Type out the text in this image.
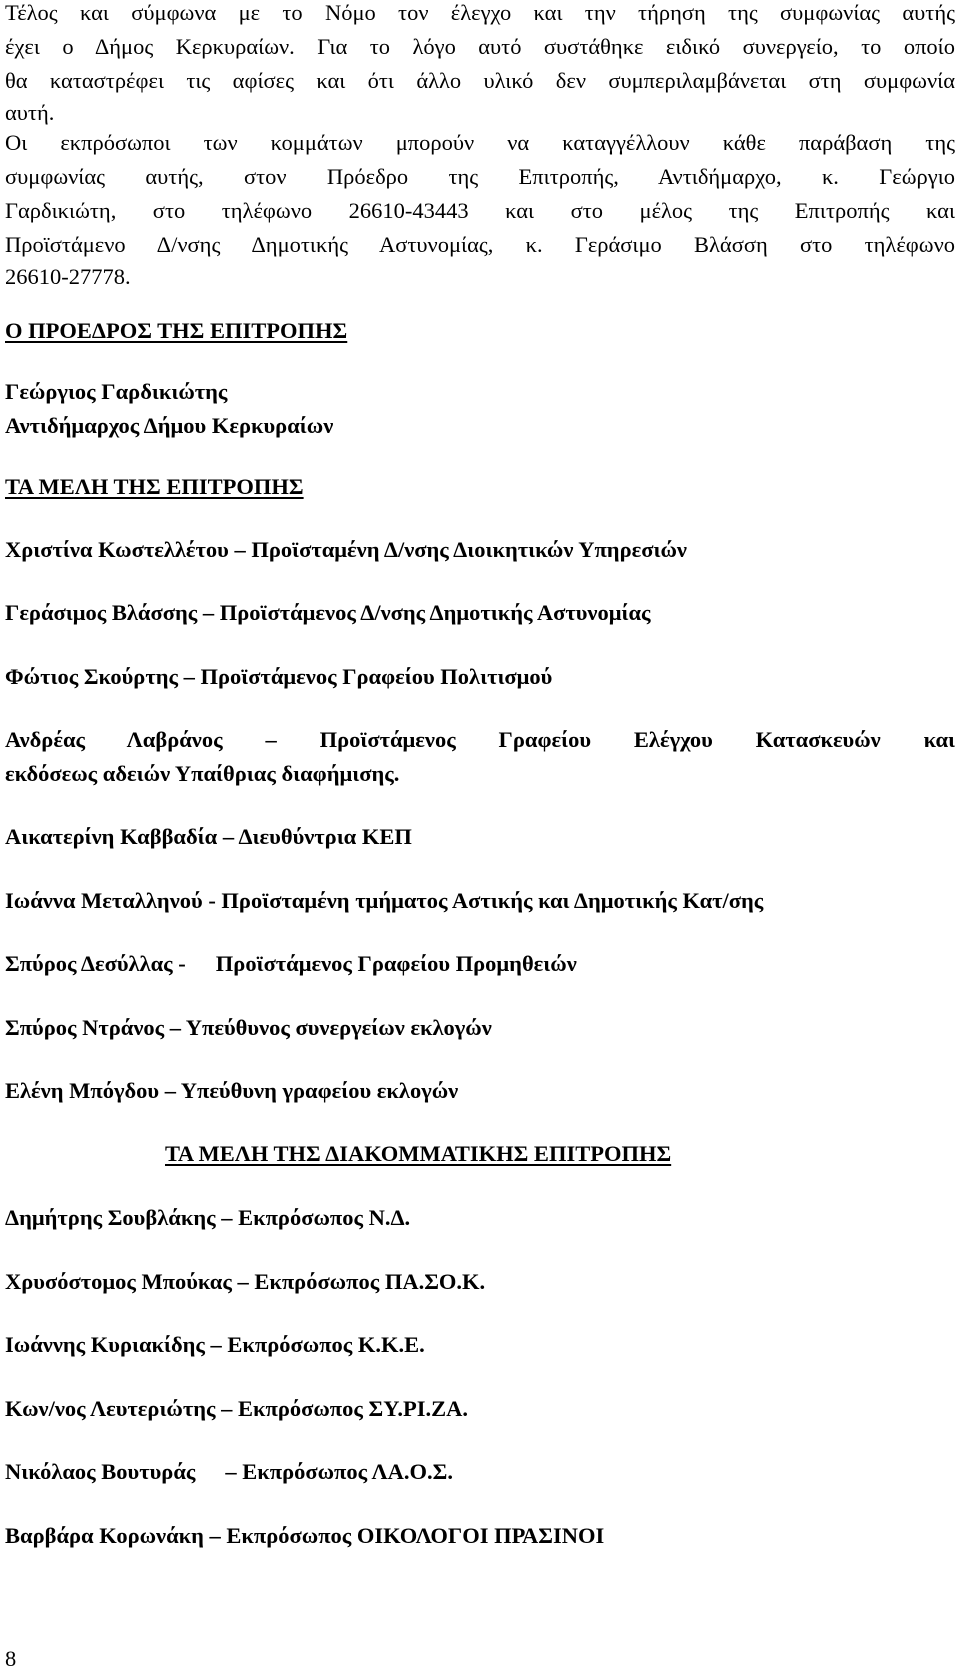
Τέλος και σύμφωνα με το Νόμο τον έλεγχο και την τήρηση της συμφωνίας αυτής
έχει ο Δήμος Κερκυραίων. Για το λόγο αυτό συστάθηκε ειδικό συνεργείο, το οποίο
θα καταστρέφει τις αφίσες και ότι άλλο υλικό δεν συμπεριλαμβάνεται στη συμφωνία
αυτή.
Οι εκπρόσωποι των κομμάτων μπορούν να καταγγέλλουν κάθε παράβαση της
συμφωνίας αυτής, στον Πρόεδρο της Επιτροπής, Αντιδήμαρχο, κ. Γεώργιο
Γαρδικιώτη, στο τηλέφωνο 26610-43443 και στο μέλος της Επιτροπής και
Προϊστάμενο Δ/νσης Δημοτικής Αστυνομίας, κ. Γεράσιμο Βλάσση στο τηλέφωνο
26610-27778.
Ο ΠΡΟΕΔΡΟΣ ΤΗΣ ΕΠΙΤΡΟΠΗΣ
Γεώργιος Γαρδικιώτης
Αντιδήμαρχος Δήμου Κερκυραίων
ΤΑ ΜΕΛΗ ΤΗΣ ΕΠΙΤΡΟΠΗΣ
Χριστίνα Κωστελλέτου – Προϊσταμένη Δ/νσης Διοικητικών Υπηρεσιών
Γεράσιμος Βλάσσης – Προϊστάμενος Δ/νσης Δημοτικής Αστυνομίας
Φώτιος Σκούρτης – Προϊστάμενος Γραφείου Πολιτισμού
Ανδρέας Λαβράνος – Προϊστάμενος Γραφείου Ελέγχου Κατασκευών και
εκδόσεως αδειών Υπαίθριας διαφήμισης.
Αικατερίνη Καββαδία – Διευθύντρια ΚΕΠ
Ιωάννα Μεταλληνού - Προϊσταμένη τμήματος Αστικής και Δημοτικής Κατ/σης
Σπύρος Δεσύλλας - Προϊστάμενος Γραφείου Προμηθειών
Σπύρος Ντράνος – Υπεύθυνος συνεργείων εκλογών
Ελένη Μπόγδου – Υπεύθυνη γραφείου εκλογών
ΤΑ ΜΕΛΗ ΤΗΣ ΔΙΑΚΟΜΜΑΤΙΚΗΣ ΕΠΙΤΡΟΠΗΣ
Δημήτρης Σουβλάκης – Εκπρόσωπος Ν.Δ.
Χρυσόστομος Μπούκας – Εκπρόσωπος ΠΑ.ΣΟ.Κ.
Ιωάννης Κυριακίδης – Εκπρόσωπος Κ.Κ.Ε.
Κων/νος Λευτεριώτης – Εκπρόσωπος ΣΥ.ΡΙ.ΖΑ.
Νικόλαος Βουτυράς – Εκπρόσωπος ΛΑ.Ο.Σ.
Βαρβάρα Κορωνάκη – Εκπρόσωπος ΟΙΚΟΛΟΓΟΙ ΠΡΑΣΙΝΟΙ
8
